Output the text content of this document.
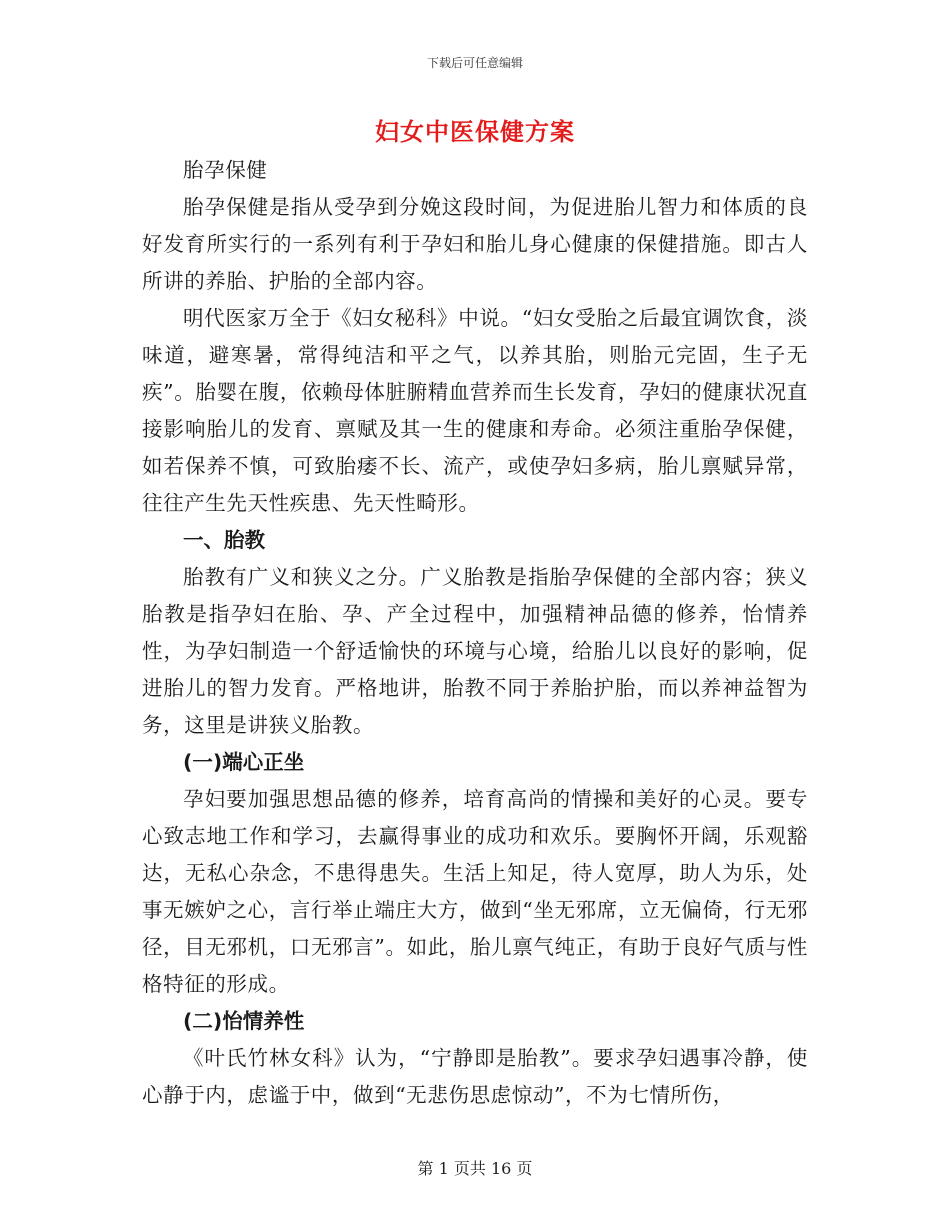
下载后可任意编辑
妇女中医保健方案

胎孕保健

胎孕保健是指从受孕到分娩这段时间，为促进胎儿智力和体质的良好发育所实行的一系列有利于孕妇和胎儿身心健康的保健措施。即古人所讲的养胎、护胎的全部内容。

明代医家万全于《妇女秘科》中说。“妇女受胎之后最宜调饮食，淡味道，避寒暑，常得纯洁和平之气，以养其胎，则胎元完固，生子无疾”。胎婴在腹，依赖母体脏腑精血营养而生长发育，孕妇的健康状况直接影响胎儿的发育、禀赋及其一生的健康和寿命。必须注重胎孕保健，如若保养不慎，可致胎痿不长、流产，或使孕妇多病，胎儿禀赋异常，往往产生先天性疾患、先天性畸形。

一、胎教

胎教有广义和狭义之分。广义胎教是指胎孕保健的全部内容；狭义胎教是指孕妇在胎、孕、产全过程中，加强精神品德的修养，怡情养性，为孕妇制造一个舒适愉快的环境与心境，给胎儿以良好的影响，促进胎儿的智力发育。严格地讲，胎教不同于养胎护胎，而以养神益智为务，这里是讲狭义胎教。

(一)端心正坐

孕妇要加强思想品德的修养，培育高尚的情操和美好的心灵。要专心致志地工作和学习，去赢得事业的成功和欢乐。要胸怀开阔，乐观豁达，无私心杂念，不患得患失。生活上知足，待人宽厚，助人为乐，处事无嫉妒之心，言行举止端庄大方，做到“坐无邪席，立无偏倚，行无邪径，目无邪机，口无邪言”。如此，胎儿禀气纯正，有助于良好气质与性格特征的形成。

(二)怡情养性

《叶氏竹林女科》认为，“宁静即是胎教”。要求孕妇遇事冷静，使心静于内，虑谧于中，做到“无悲伤思虑惊动”，不为七情所伤，

第 1 页共 16 页
